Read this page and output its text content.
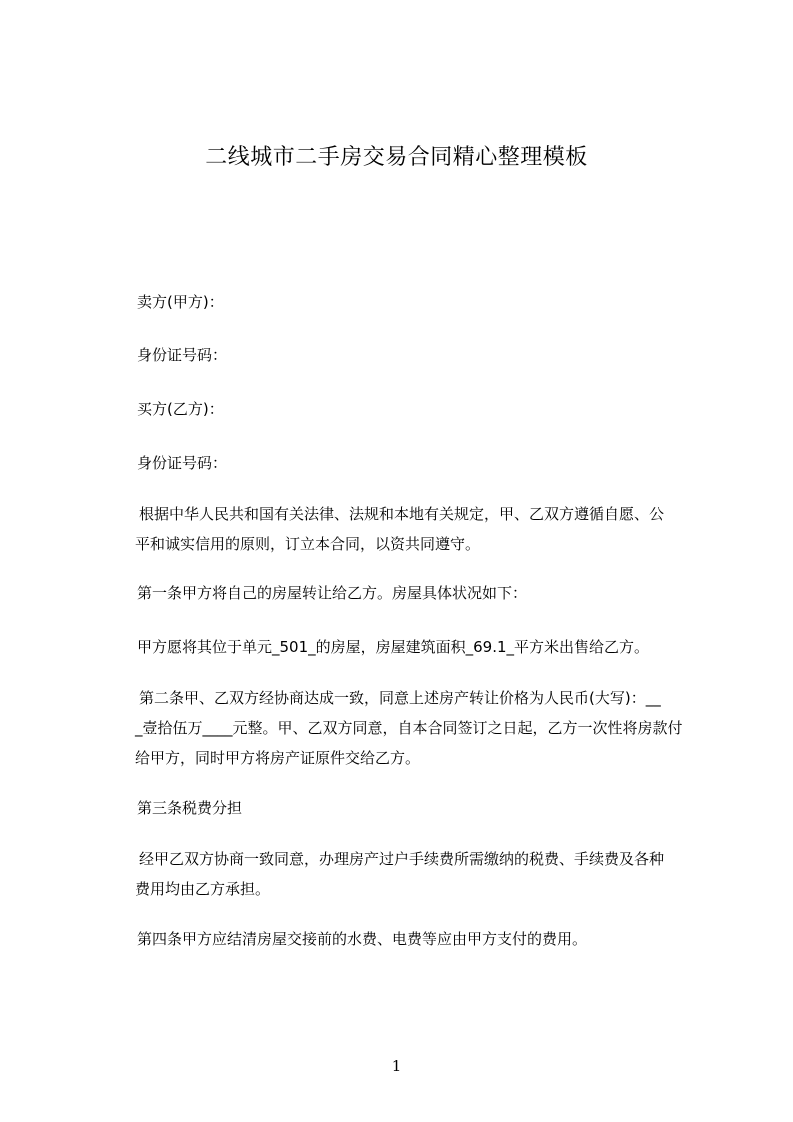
二线城市二手房交易合同精心整理模板
卖方(甲方)：
身份证号码：
买方(乙方)：
身份证号码：
根据中华人民共和国有关法律、法规和本地有关规定，甲、乙双方遵循自愿、公
平和诚实信用的原则，订立本合同，以资共同遵守。
第一条甲方将自己的房屋转让给乙方。房屋具体状况如下：
甲方愿将其位于单元_501_的房屋，房屋建筑面积_69.1_平方米出售给乙方。
第二条甲、乙双方经协商达成一致，同意上述房产转让价格为人民币(大写)：__
_壹拾伍万____元整。甲、乙双方同意，自本合同签订之日起，乙方一次性将房款付
给甲方，同时甲方将房产证原件交给乙方。
第三条税费分担
经甲乙双方协商一致同意，办理房产过户手续费所需缴纳的税费、手续费及各种
费用均由乙方承担。
第四条甲方应结清房屋交接前的水费、电费等应由甲方支付的费用。
1
